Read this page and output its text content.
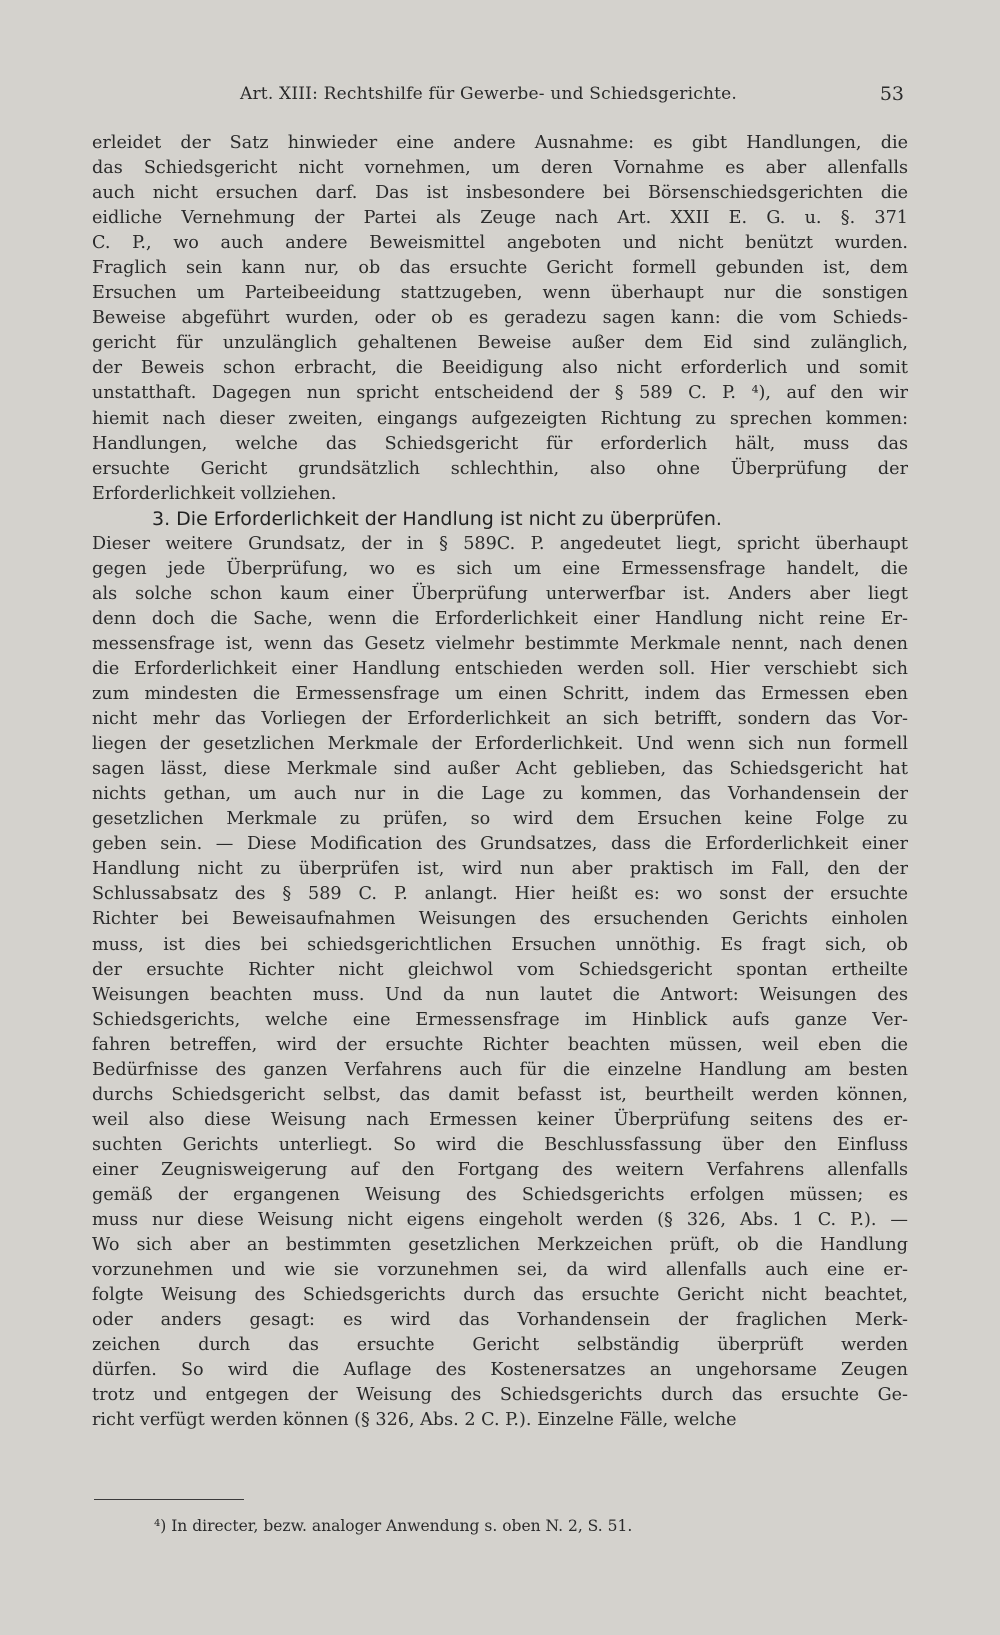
Art. XIII: Rechtshilfe für Gewerbe- und Schiedsgerichte.	53
erleidet der Satz hinwieder eine andere Ausnahme: es gibt Handlungen, die
das Schiedsgericht nicht vornehmen, um deren Vornahme es aber allenfalls
auch nicht ersuchen darf. Das ist insbesondere bei Börsenschiedsgerichten die
eidliche Vernehmung der Partei als Zeuge nach Art. XXII E. G. u. §. 371
C. P., wo auch andere Beweismittel angeboten und nicht benützt wurden.
Fraglich sein kann nur, ob das ersuchte Gericht formell gebunden ist, dem
Ersuchen um Parteibeeidung stattzugeben, wenn überhaupt nur die sonstigen
Beweise abgeführt wurden, oder ob es geradezu sagen kann: die vom Schieds-
gericht für unzulänglich gehaltenen Beweise außer dem Eid sind zulänglich,
der Beweis schon erbracht, die Beeidigung also nicht erforderlich und somit
unstatthaft. Dagegen nun spricht entscheidend der § 589 C. P. ⁴), auf den wir
hiemit nach dieser zweiten, eingangs aufgezeigten Richtung zu sprechen kommen:
Handlungen, welche das Schiedsgericht für erforderlich hält, muss das
ersuchte Gericht grundsätzlich schlechthin, also ohne Überprüfung der
Erforderlichkeit vollziehen.
3. Die Erforderlichkeit der Handlung ist nicht zu überprüfen.
Dieser weitere Grundsatz, der in § 589C. P. angedeutet liegt, spricht überhaupt
gegen jede Überprüfung, wo es sich um eine Ermessensfrage handelt, die
als solche schon kaum einer Überprüfung unterwerfbar ist. Anders aber liegt
denn doch die Sache, wenn die Erforderlichkeit einer Handlung nicht reine Er-
messensfrage ist, wenn das Gesetz vielmehr bestimmte Merkmale nennt, nach denen
die Erforderlichkeit einer Handlung entschieden werden soll. Hier verschiebt sich
zum mindesten die Ermessensfrage um einen Schritt, indem das Ermessen eben
nicht mehr das Vorliegen der Erforderlichkeit an sich betrifft, sondern das Vor-
liegen der gesetzlichen Merkmale der Erforderlichkeit. Und wenn sich nun formell
sagen lässt, diese Merkmale sind außer Acht geblieben, das Schiedsgericht hat
nichts gethan, um auch nur in die Lage zu kommen, das Vorhandensein der
gesetzlichen Merkmale zu prüfen, so wird dem Ersuchen keine Folge zu
geben sein. — Diese Modification des Grundsatzes, dass die Erforderlichkeit einer
Handlung nicht zu überprüfen ist, wird nun aber praktisch im Fall, den der
Schlussabsatz des § 589 C. P. anlangt. Hier heißt es: wo sonst der ersuchte
Richter bei Beweisaufnahmen Weisungen des ersuchenden Gerichts einholen
muss, ist dies bei schiedsgerichtlichen Ersuchen unnöthig. Es fragt sich, ob
der ersuchte Richter nicht gleichwol vom Schiedsgericht spontan ertheilte
Weisungen beachten muss. Und da nun lautet die Antwort: Weisungen des
Schiedsgerichts, welche eine Ermessensfrage im Hinblick aufs ganze Ver-
fahren betreffen, wird der ersuchte Richter beachten müssen, weil eben die
Bedürfnisse des ganzen Verfahrens auch für die einzelne Handlung am besten
durchs Schiedsgericht selbst, das damit befasst ist, beurtheilt werden können,
weil also diese Weisung nach Ermessen keiner Überprüfung seitens des er-
suchten Gerichts unterliegt. So wird die Beschlussfassung über den Einfluss
einer Zeugnisweigerung auf den Fortgang des weitern Verfahrens allenfalls
gemäß der ergangenen Weisung des Schiedsgerichts erfolgen müssen; es
muss nur diese Weisung nicht eigens eingeholt werden (§ 326, Abs. 1 C. P.). —
Wo sich aber an bestimmten gesetzlichen Merkzeichen prüft, ob die Handlung
vorzunehmen und wie sie vorzunehmen sei, da wird allenfalls auch eine er-
folgte Weisung des Schiedsgerichts durch das ersuchte Gericht nicht beachtet,
oder anders gesagt: es wird das Vorhandensein der fraglichen Merk-
zeichen durch das ersuchte Gericht selbständig überprüft werden
dürfen. So wird die Auflage des Kostenersatzes an ungehorsame Zeugen
trotz und entgegen der Weisung des Schiedsgerichts durch das ersuchte Ge-
richt verfügt werden können (§ 326, Abs. 2 C. P.). Einzelne Fälle, welche
⁴) In directer, bezw. analoger Anwendung s. oben N. 2, S. 51.
